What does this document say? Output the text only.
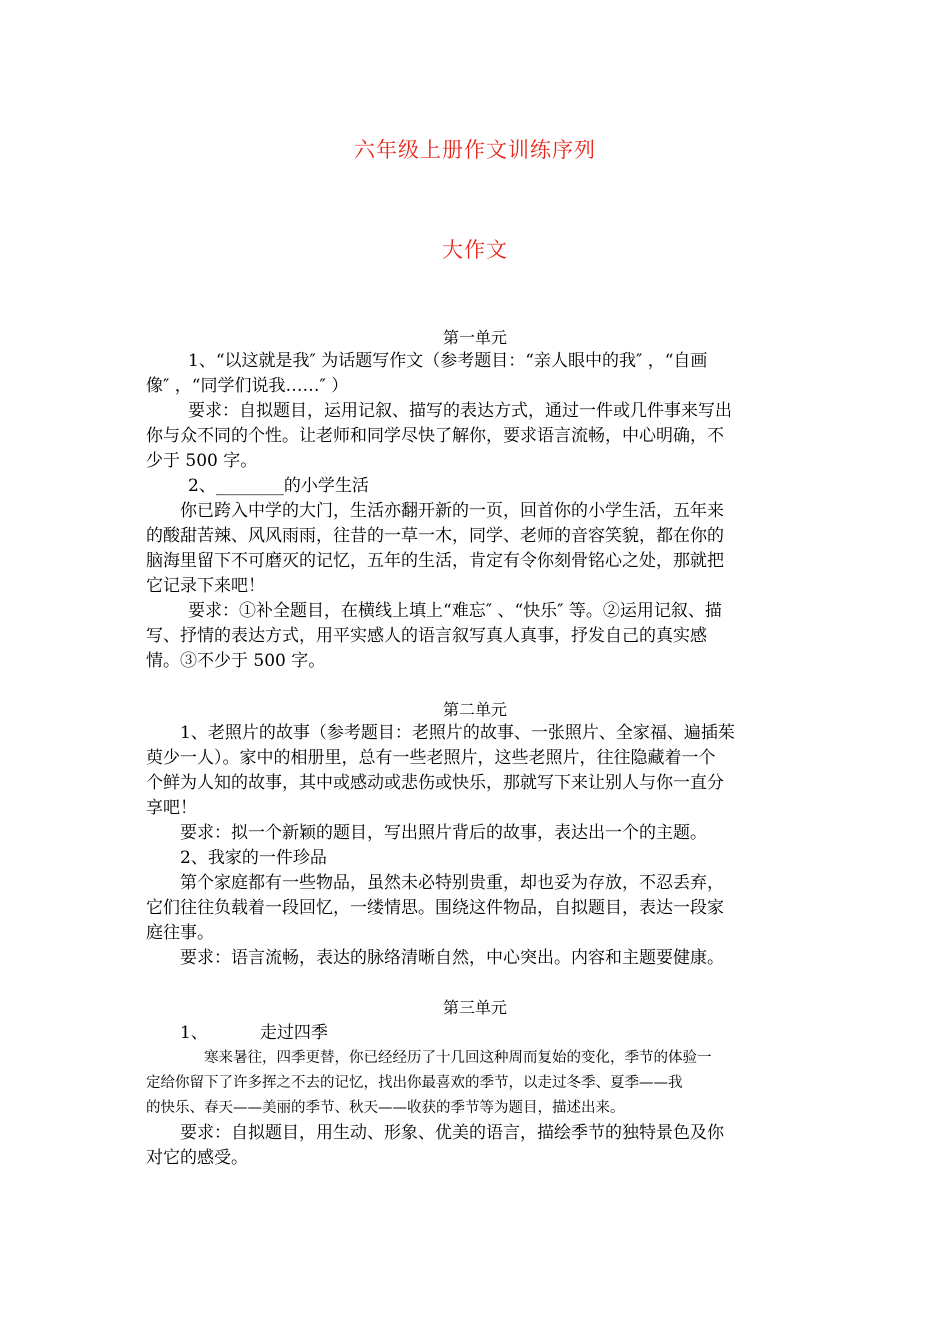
六年级上册作文训练序列
大作文
第一单元
1、“以这就是我″ 为话题写作文（参考题目：“亲人眼中的我″ ，“自画
像″ ，“同学们说我……″ ）
要求：自拟题目，运用记叙、描写的表达方式，通过一件或几件事来写出
你与众不同的个性。让老师和同学尽快了解你，要求语言流畅，中心明确，不
少于 500 字。
2、________的小学生活
你已跨入中学的大门，生活亦翻开新的一页，回首你的小学生活，五年来
的酸甜苦辣、风风雨雨，往昔的一草一木，同学、老师的音容笑貌，都在你的
脑海里留下不可磨灭的记忆，五年的生活，肯定有令你刻骨铭心之处，那就把
它记录下来吧！
要求：①补全题目，在横线上填上“难忘″ 、“快乐″ 等。②运用记叙、描
写、抒情的表达方式，用平实感人的语言叙写真人真事，抒发自己的真实感
情。③不少于 500 字。
第二单元
1、老照片的故事（参考题目：老照片的故事、一张照片、全家福、遍插茱
萸少一人）。家中的相册里，总有一些老照片，这些老照片，往往隐藏着一个
个鲜为人知的故事，其中或感动或悲伤或快乐，那就写下来让别人与你一直分
享吧！
要求：拟一个新颖的题目，写出照片背后的故事，表达出一个的主题。
2、我家的一件珍品
第个家庭都有一些物品，虽然未必特别贵重，却也妥为存放，不忍丢弃，
它们往往负载着一段回忆，一缕情思。围绕这件物品，自拟题目，表达一段家
庭往事。
要求：语言流畅，表达的脉络清晰自然，中心突出。内容和主题要健康。
第三单元
1、	走过四季
寒来暑往，四季更替，你已经经历了十几回这种周而复始的变化，季节的体验一
定给你留下了许多挥之不去的记忆，找出你最喜欢的季节，以走过冬季、夏季——我
的快乐、春天——美丽的季节、秋天——收获的季节等为题目，描述出来。
要求：自拟题目，用生动、形象、优美的语言，描绘季节的独特景色及你
对它的感受。
